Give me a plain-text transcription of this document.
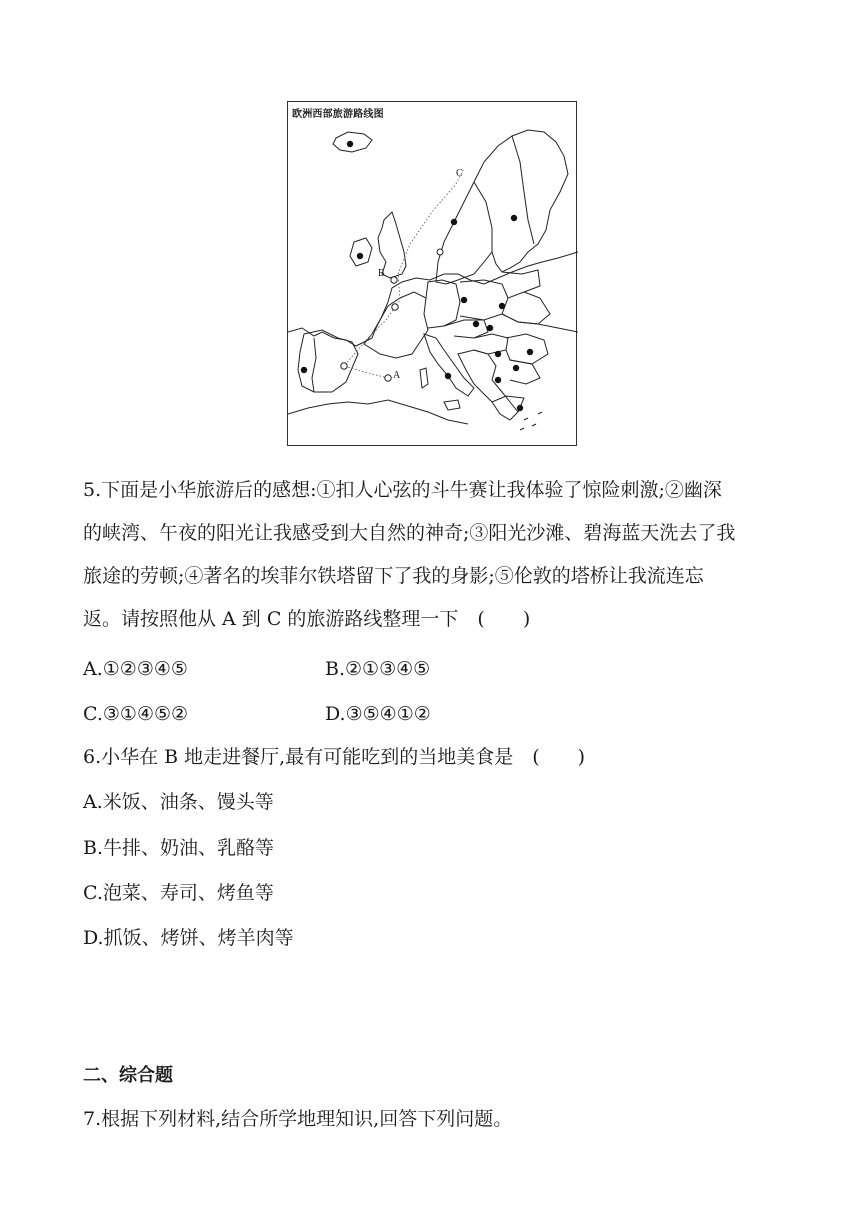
欧洲西部旅游路线图
A
B
C
5.下面是小华旅游后的感想:①扣人心弦的斗牛赛让我体验了惊险刺激;②幽深
的峡湾、午夜的阳光让我感受到大自然的神奇;③阳光沙滩、碧海蓝天洗去了我
旅途的劳顿;④著名的埃菲尔铁塔留下了我的身影;⑤伦敦的塔桥让我流连忘
返。请按照他从 A 到 C 的旅游路线整理一下　(　　)
A.①②③④⑤	B.②①③④⑤
C.③①④⑤②	D.③⑤④①②
6.小华在 B 地走进餐厅,最有可能吃到的当地美食是　(　　)
A.米饭、油条、馒头等
B.牛排、奶油、乳酪等
C.泡菜、寿司、烤鱼等
D.抓饭、烤饼、烤羊肉等
二、综合题
7.根据下列材料,结合所学地理知识,回答下列问题。
